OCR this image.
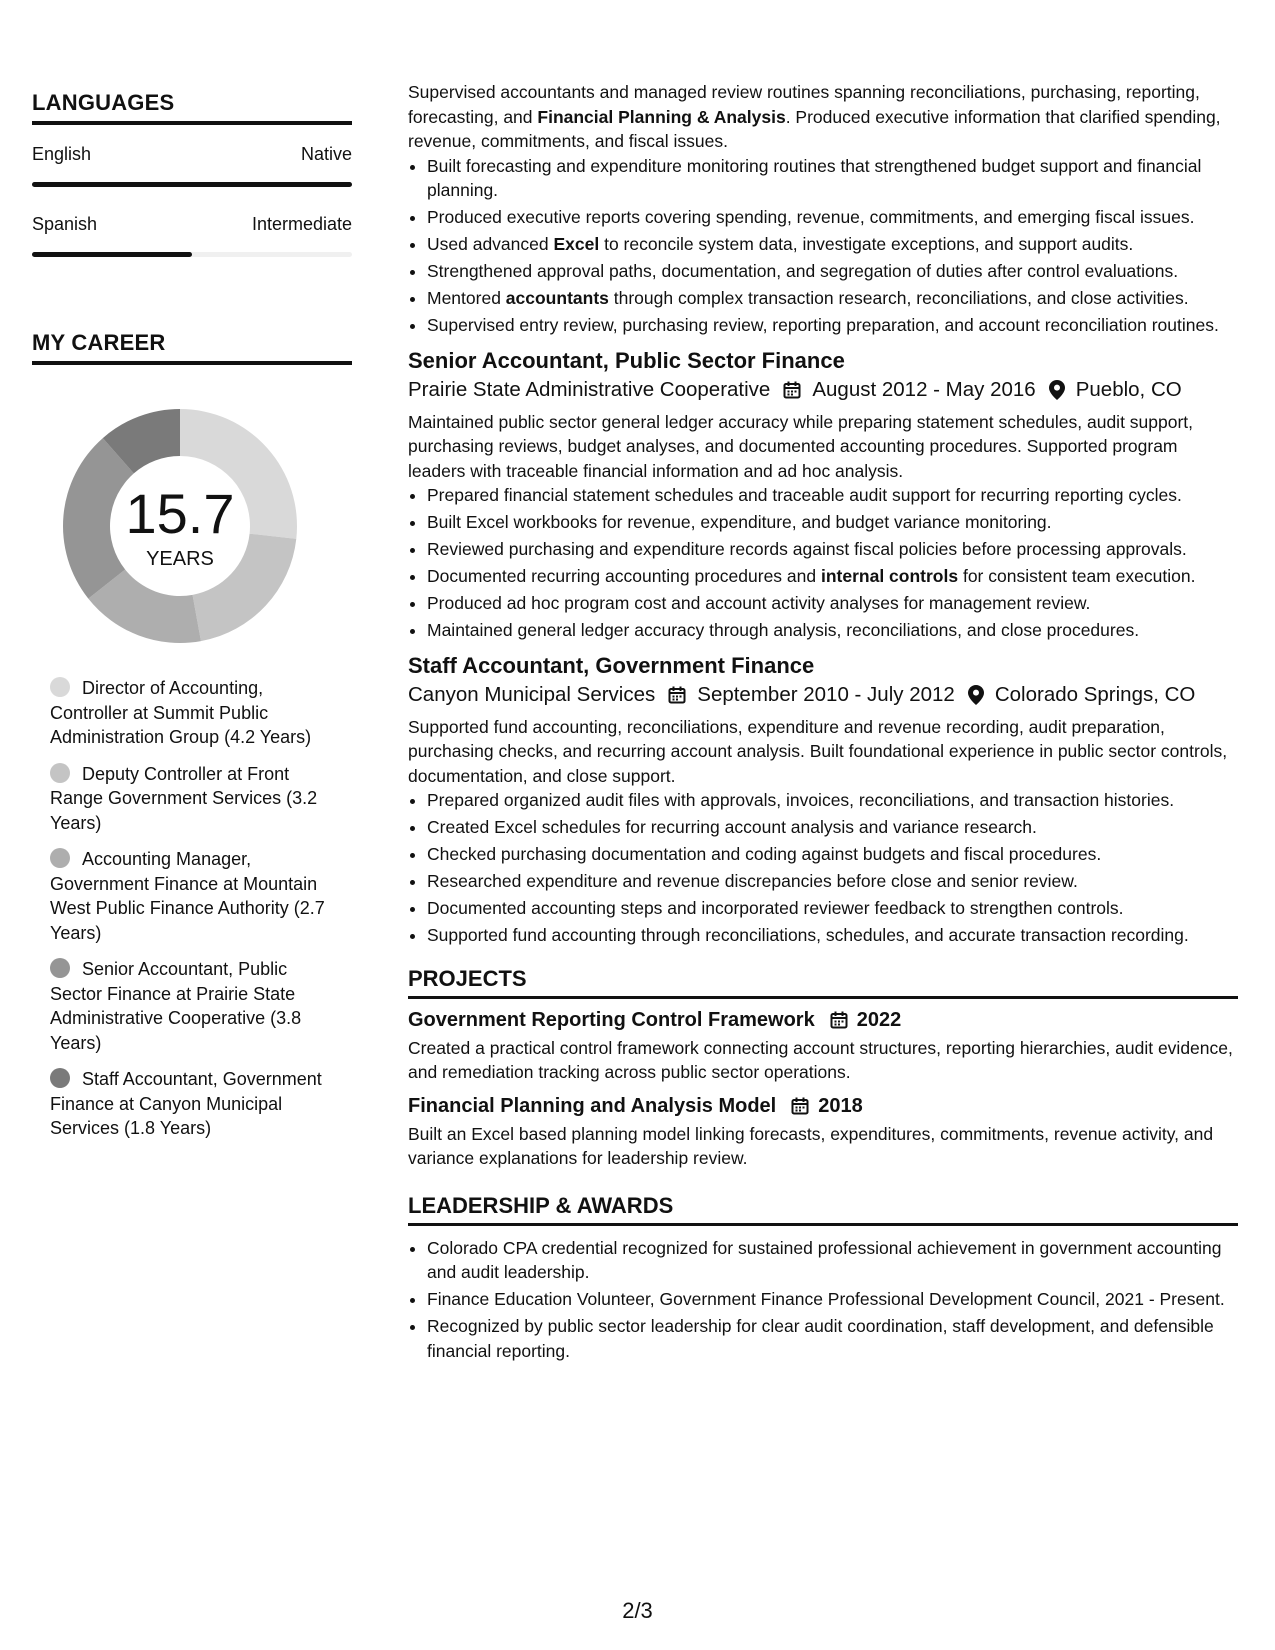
LANGUAGES
English	Native
Spanish	Intermediate
MY CAREER
15.7
YEARS
Director of Accounting, Controller at Summit Public Administration Group (4.2 Years)
Deputy Controller at Front Range Government Services (3.2 Years)
Accounting Manager, Government Finance at Mountain West Public Finance Authority (2.7 Years)
Senior Accountant, Public Sector Finance at Prairie State Administrative Cooperative (3.8 Years)
Staff Accountant, Government Finance at Canyon Municipal Services (1.8 Years)
Supervised accountants and managed review routines spanning reconciliations, purchasing, reporting, forecasting, and Financial Planning & Analysis. Produced executive information that clarified spending, revenue, commitments, and fiscal issues.
• Built forecasting and expenditure monitoring routines that strengthened budget support and financial planning.
• Produced executive reports covering spending, revenue, commitments, and emerging fiscal issues.
• Used advanced Excel to reconcile system data, investigate exceptions, and support audits.
• Strengthened approval paths, documentation, and segregation of duties after control evaluations.
• Mentored accountants through complex transaction research, reconciliations, and close activities.
• Supervised entry review, purchasing review, reporting preparation, and account reconciliation routines.
Senior Accountant, Public Sector Finance
Prairie State Administrative Cooperative August 2012 - May 2016 Pueblo, CO
Maintained public sector general ledger accuracy while preparing statement schedules, audit support, purchasing reviews, budget analyses, and documented accounting procedures. Supported program leaders with traceable financial information and ad hoc analysis.
• Prepared financial statement schedules and traceable audit support for recurring reporting cycles.
• Built Excel workbooks for revenue, expenditure, and budget variance monitoring.
• Reviewed purchasing and expenditure records against fiscal policies before processing approvals.
• Documented recurring accounting procedures and internal controls for consistent team execution.
• Produced ad hoc program cost and account activity analyses for management review.
• Maintained general ledger accuracy through analysis, reconciliations, and close procedures.
Staff Accountant, Government Finance
Canyon Municipal Services September 2010 - July 2012 Colorado Springs, CO
Supported fund accounting, reconciliations, expenditure and revenue recording, audit preparation, purchasing checks, and recurring account analysis. Built foundational experience in public sector controls, documentation, and close support.
• Prepared organized audit files with approvals, invoices, reconciliations, and transaction histories.
• Created Excel schedules for recurring account analysis and variance research.
• Checked purchasing documentation and coding against budgets and fiscal procedures.
• Researched expenditure and revenue discrepancies before close and senior review.
• Documented accounting steps and incorporated reviewer feedback to strengthen controls.
• Supported fund accounting through reconciliations, schedules, and accurate transaction recording.
PROJECTS
Government Reporting Control Framework 2022
Created a practical control framework connecting account structures, reporting hierarchies, audit evidence, and remediation tracking across public sector operations.
Financial Planning and Analysis Model 2018
Built an Excel based planning model linking forecasts, expenditures, commitments, revenue activity, and variance explanations for leadership review.
LEADERSHIP & AWARDS
• Colorado CPA credential recognized for sustained professional achievement in government accounting and audit leadership.
• Finance Education Volunteer, Government Finance Professional Development Council, 2021 - Present.
• Recognized by public sector leadership for clear audit coordination, staff development, and defensible financial reporting.
2/3
